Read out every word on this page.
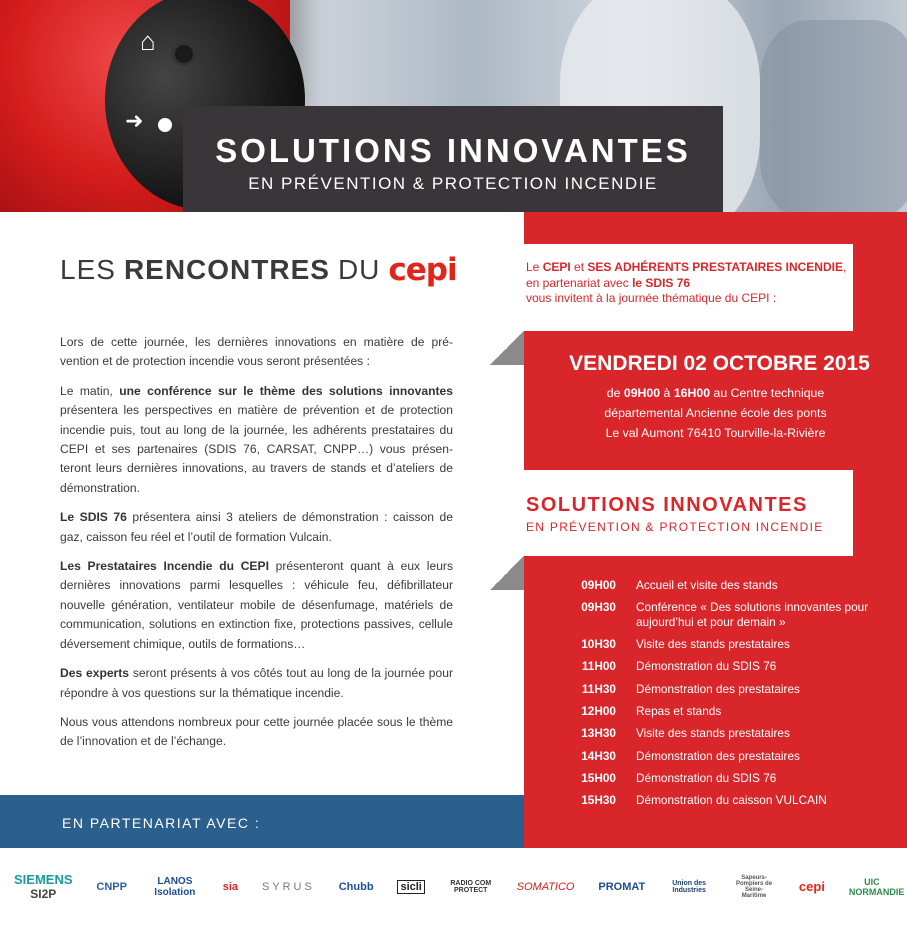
⌂
➜
SOLUTIONS INNOVANTES
EN PRÉVENTION & PROTECTION INCENDIE
LES RENCONTRES DU cepi

Lors de cette journée, les dernières innovations en matière de pré-vention et de protection incendie vous seront présentées :

Le matin, une conférence sur le thème des solutions innovantes présentera les perspectives en matière de prévention et de protection incendie puis, tout au long de la journée, les adhérents prestataires du CEPI et ses partenaires (SDIS 76, CARSAT, CNPP…) vous présen-teront leurs dernières innovations, au travers de stands et d’ateliers de démonstration.

Le SDIS 76 présentera ainsi 3 ateliers de démonstration : caisson de gaz, caisson feu réel et l’outil de formation Vulcain.

Les Prestataires Incendie du CEPI présenteront quant à eux leurs dernières innovations parmi lesquelles : véhicule feu, défibrillateur nouvelle génération, ventilateur mobile de désenfumage, matériels de communication, solutions en extinction fixe, protections passives, cellule déversement chimique, outils de formations…

Des experts seront présents à vos côtés tout au long de la journée pour répondre à vos questions sur la thématique incendie.

Nous vous attendons nombreux pour cette journée placée sous le thème de l’innovation et de l’échange.

EN PARTENARIAT AVEC :
Le CEPI et SES ADHÉRENTS PRESTATAIRES INCENDIE, en partenariat avec le SDIS 76
vous invitent à la journée thématique du CEPI :
VENDREDI 02 OCTOBRE 2015
de 09H00 à 16H00 au Centre technique
départemental Ancienne école des ponts
Le val Aumont 76410 Tourville-la-Rivière
SOLUTIONS INNOVANTES
EN PRÉVENTION & PROTECTION INCENDIE
09H00	Accueil et visite des stands
09H30	Conférence « Des solutions innovantes pour aujourd’hui et pour demain »
10H30	Visite des stands prestataires
11H00	Démonstration du SDIS 76
11H30	Démonstration des prestataires
12H00	Repas et stands
13H30	Visite des stands prestataires
14H30	Démonstration des prestataires
15H00	Démonstration du SDIS 76
15H30	Démonstration du caisson VULCAIN
SIEMENS
SI2P
CNPP	LANOS Isolation	sia SYRUS Chubb sicli	RADIO COM PROTECT	SOMATICO PROMAT	Union des Industries
Sapeurs-Pompiers de Seine-Maritime
cepi	UIC NORMANDIE
